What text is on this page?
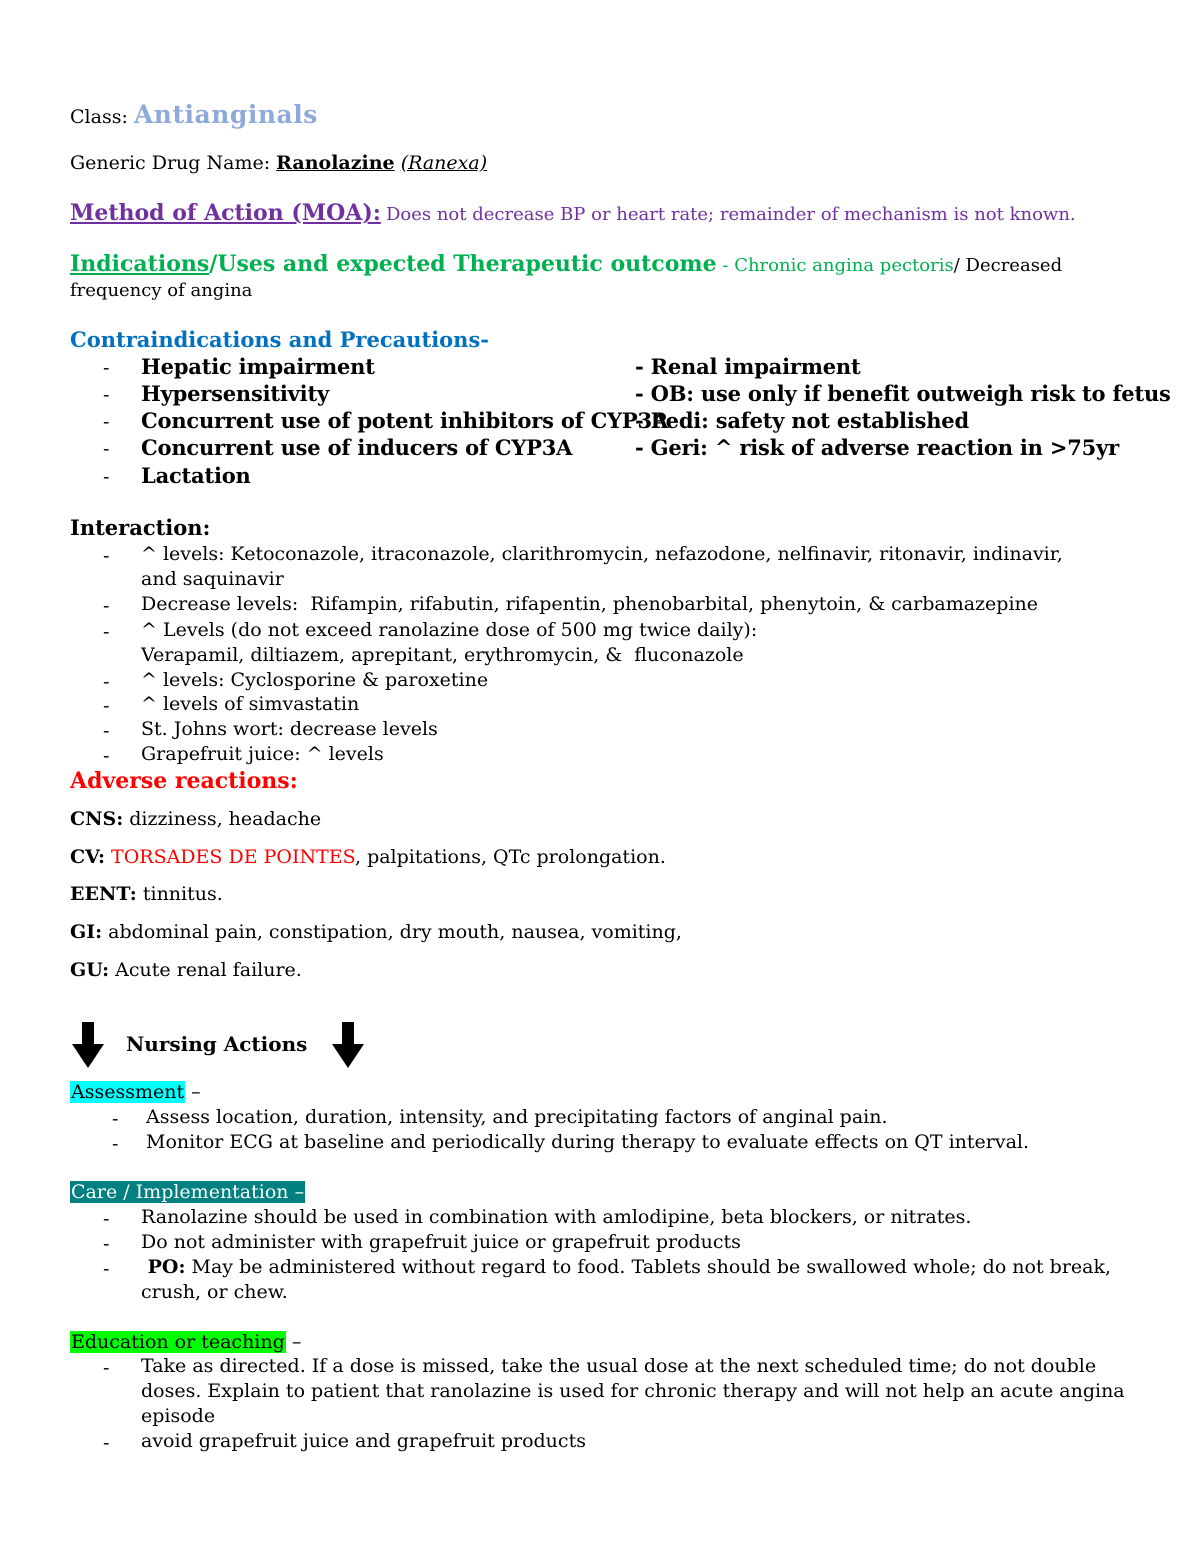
Class: Antianginals
Generic Drug Name: Ranolazine (Ranexa)
Method of Action (MOA): Does not decrease BP or heart rate; remainder of mechanism is not known.
Indications/Uses and expected Therapeutic outcome - Chronic angina pectoris/ Decreased
frequency of angina
Contraindications and Precautions-
- Hepatic impairment
- Hypersensitivity
- Concurrent use of potent inhibitors of CYP3A
- Concurrent use of inducers of CYP3A
- Lactation
- Renal impairment
- OB: use only if benefit outweigh risk to fetus
- Pedi: safety not established
- Geri: ^ risk of adverse reaction in >75yr
Interaction:
- ^ levels: Ketoconazole, itraconazole, clarithromycin, nefazodone, nelfinavir, ritonavir, indinavir,
and saquinavir
- Decrease levels:  Rifampin, rifabutin, rifapentin, phenobarbital, phenytoin, & carbamazepine
- ^ Levels (do not exceed ranolazine dose of 500 mg twice daily):
Verapamil, diltiazem, aprepitant, erythromycin, &  fluconazole
- ^ levels: Cyclosporine & paroxetine
- ^ levels of simvastatin
- St. Johns wort: decrease levels
- Grapefruit juice: ^ levels
Adverse reactions:
CNS: dizziness, headache
CV: TORSADES DE POINTES, palpitations, QTc prolongation.
EENT: tinnitus.
GI: abdominal pain, constipation, dry mouth, nausea, vomiting,
GU: Acute renal failure.
Nursing Actions
Assessment –
- Assess location, duration, intensity, and precipitating factors of anginal pain.
- Monitor ECG at baseline and periodically during therapy to evaluate effects on QT interval.
Care / Implementation –
- Ranolazine should be used in combination with amlodipine, beta blockers, or nitrates.
- Do not administer with grapefruit juice or grapefruit products
- PO: May be administered without regard to food. Tablets should be swallowed whole; do not break,
crush, or chew.
Education or teaching –
- Take as directed. If a dose is missed, take the usual dose at the next scheduled time; do not double
doses. Explain to patient that ranolazine is used for chronic therapy and will not help an acute angina
episode
- avoid grapefruit juice and grapefruit products
